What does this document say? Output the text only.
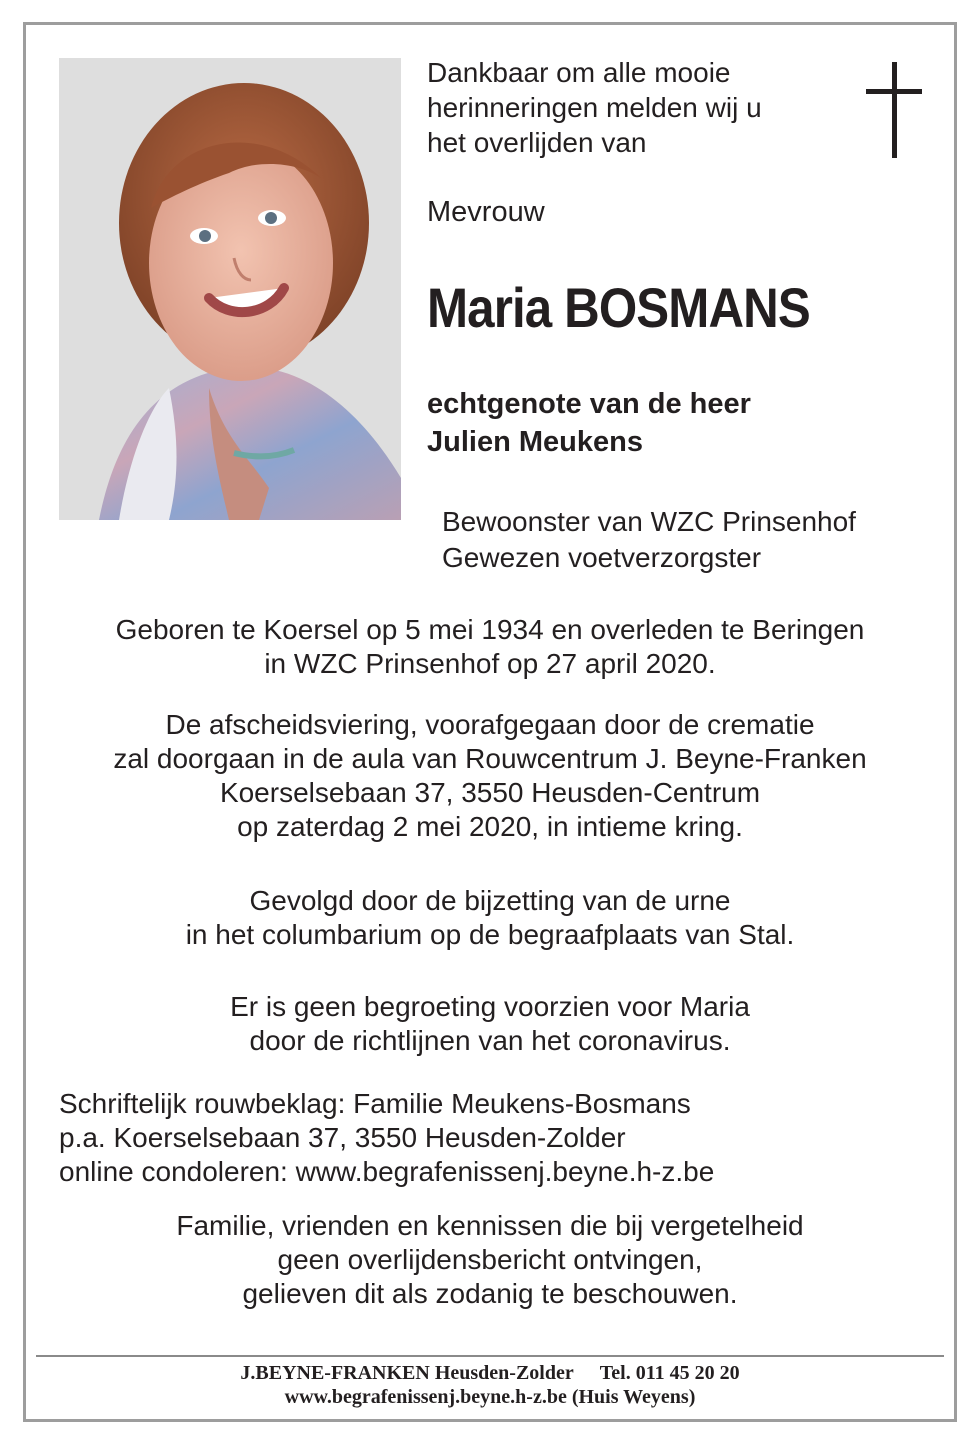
Dankbaar om alle mooie
herinneringen melden wij u
het overlijden van
Mevrouw
Maria BOSMANS
echtgenote van de heer
Julien Meukens
Bewoonster van WZC Prinsenhof
Gewezen voetverzorgster
Geboren te Koersel op 5 mei 1934 en overleden te Beringen
in WZC Prinsenhof op 27 april 2020.
De afscheidsviering, voorafgegaan door de crematie
zal doorgaan in de aula van Rouwcentrum J. Beyne-Franken
Koerselsebaan 37, 3550 Heusden-Centrum
op zaterdag 2 mei 2020, in intieme kring.
Gevolgd door de bijzetting van de urne
in het columbarium op de begraafplaats van Stal.
Er is geen begroeting voorzien voor Maria
door de richtlijnen van het coronavirus.
Schriftelijk rouwbeklag: Familie Meukens-Bosmans
p.a. Koerselsebaan 37, 3550 Heusden-Zolder
online condoleren: www.begrafenissenj.beyne.h-z.be
Familie, vrienden en kennissen die bij vergetelheid
geen overlijdensbericht ontvingen,
gelieven dit als zodanig te beschouwen.
J.BEYNE-FRANKEN Heusden-Zolder Tel. 011 45 20 20
www.begrafenissenj.beyne.h-z.be (Huis Weyens)
